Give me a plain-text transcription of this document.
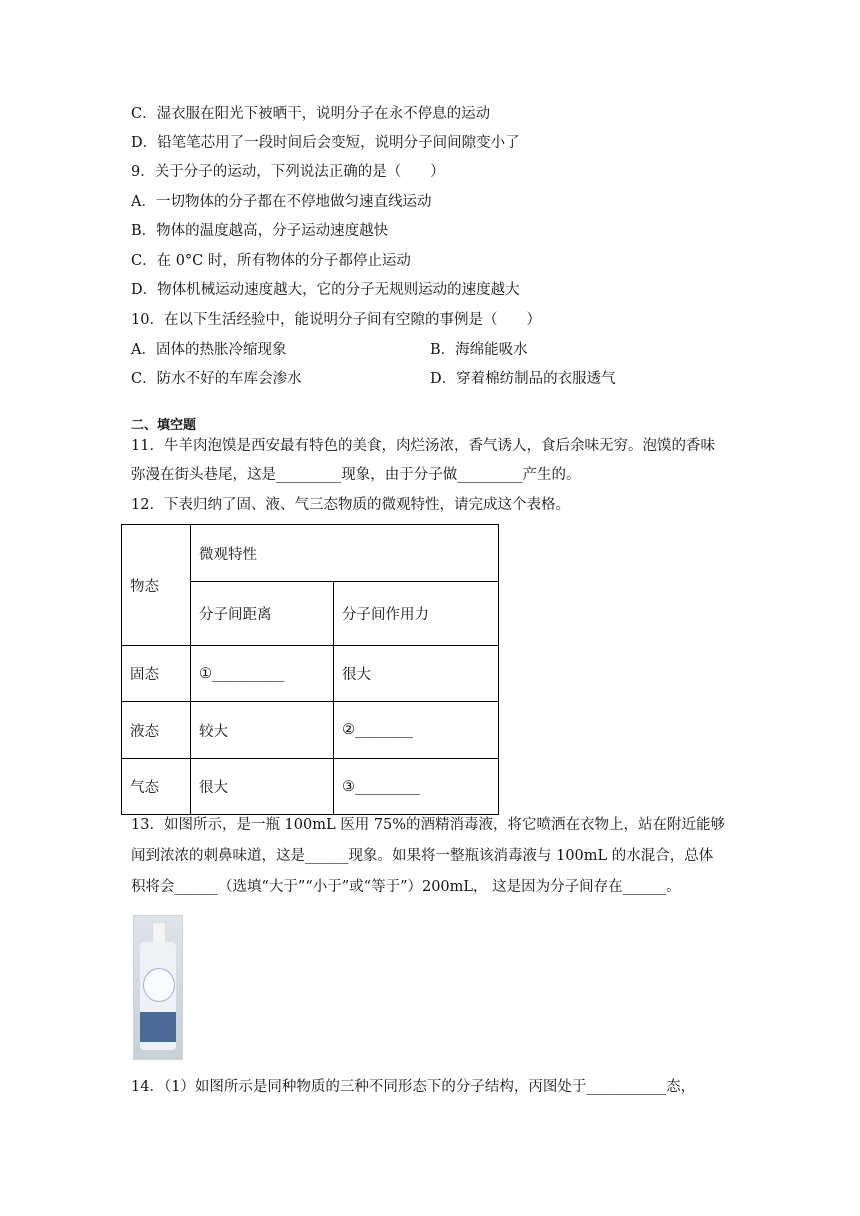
C．湿衣服在阳光下被晒干，说明分子在永不停息的运动
D．铅笔笔芯用了一段时间后会变短，说明分子间间隙变小了
9．关于分子的运动，下列说法正确的是（　　）
A．一切物体的分子都在不停地做匀速直线运动
B．物体的温度越高，分子运动速度越快
C．在 0°C 时，所有物体的分子都停止运动
D．物体机械运动速度越大，它的分子无规则运动的速度越大
10．在以下生活经验中，能说明分子间有空隙的事例是（　　）
A．固体的热胀冷缩现象	B．海绵能吸水
C．防水不好的车库会渗水	D．穿着棉纺制品的衣服透气
二、填空题
11．牛羊肉泡馍是西安最有特色的美食，肉烂汤浓，香气诱人，食后余味无穷。泡馍的香味
弥漫在街头巷尾，这是_________现象，由于分子做_________产生的。
12．下表归纳了固、液、气三态物质的微观特性，请完成这个表格。
物态	微观特性	
	分子间距离	分子间作用力
固态	①__________	很大
液态	较大	②________
气态	很大	③_________
13．如图所示，是一瓶 100mL 医用 75%的酒精消毒液，将它喷洒在衣物上，站在附近能够
闻到浓浓的刺鼻味道，这是______现象。如果将一整瓶该消毒液与 100mL 的水混合，总体
积将会______（选填“大于”“小于”或“等于”）200mL， 这是因为分子间存在______。
14．（1）如图所示是同种物质的三种不同形态下的分子结构，丙图处于___________态，
